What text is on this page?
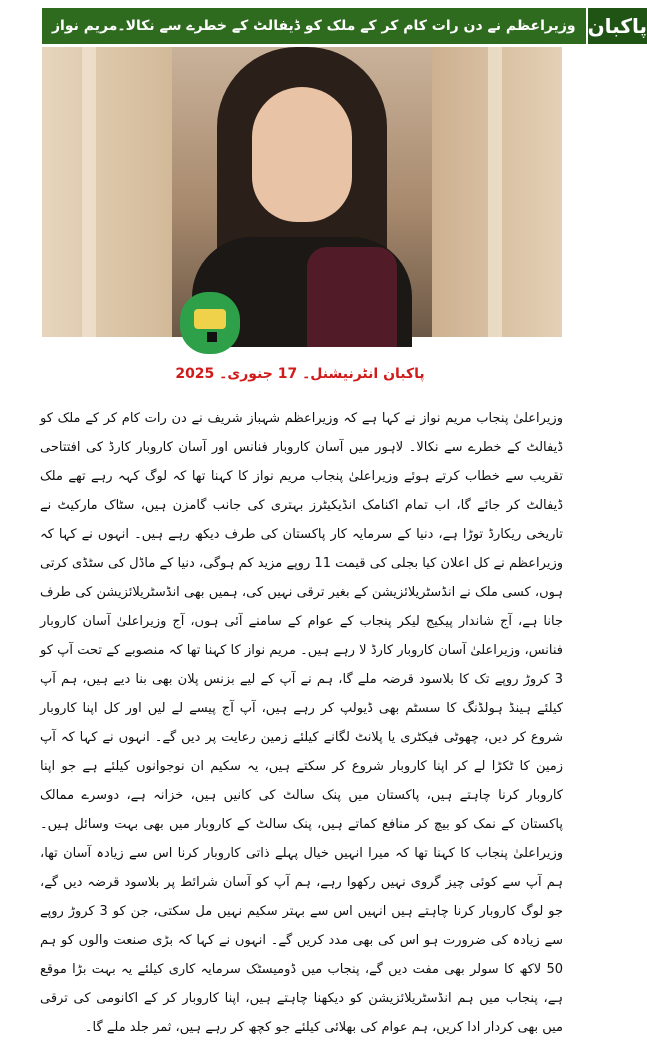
وزیراعظم نے دن رات کام کر کے ملک کو ڈیفالٹ کے خطرے سے نکالا۔مریم نواز پاکبان
پاکبان انٹرنیشنل۔ 17 جنوری۔ 2025
وزیراعلیٰ پنجاب مریم نواز نے کہا ہے کہ وزیراعظم شہباز شریف نے دن رات کام کر کے ملک کو ڈیفالٹ کے خطرے سے نکالا۔ لاہور میں آسان کاروبار فنانس اور آسان کاروبار کارڈ کی افتتاحی تقریب سے خطاب کرتے ہوئے وزیراعلیٰ پنجاب مریم نواز کا کہنا تھا کہ لوگ کہہ رہے تھے ملک ڈیفالٹ کر جائے گا، اب تمام اکنامک انڈیکیٹرز بہتری کی جانب گامزن ہیں، سٹاک مارکیٹ نے تاریخی ریکارڈ توڑا ہے، دنیا کے سرمایہ کار پاکستان کی طرف دیکھ رہے ہیں۔ انہوں نے کہا کہ وزیراعظم نے کل اعلان کیا بجلی کی قیمت 11 روپے مزید کم ہوگی، دنیا کے ماڈل کی سٹڈی کرتی ہوں، کسی ملک نے انڈسٹریلائزیشن کے بغیر ترقی نہیں کی، ہمیں بھی انڈسٹریلائزیشن کی طرف جانا ہے، آج شاندار پیکیج لیکر پنجاب کے عوام کے سامنے آئی ہوں، آج وزیراعلیٰ آسان کاروبار فنانس، وزیراعلیٰ آسان کاروبار کارڈ لا رہے ہیں۔ مریم نواز کا کہنا تھا کہ منصوبے کے تحت آپ کو 3 کروڑ روپے تک کا بلاسود قرضہ ملے گا، ہم نے آپ کے لیے بزنس پلان بھی بنا دیے ہیں، ہم آپ کیلئے ہینڈ ہولڈنگ کا سسٹم بھی ڈیولپ کر رہے ہیں، آپ آج پیسے لے لیں اور کل اپنا کاروبار شروع کر دیں، چھوٹی فیکٹری یا پلانٹ لگانے کیلئے زمین رعایت پر دیں گے۔ انہوں نے کہا کہ آپ زمین کا ٹکڑا لے کر اپنا کاروبار شروع کر سکتے ہیں، یہ سکیم ان نوجوانوں کیلئے ہے جو اپنا کاروبار کرنا چاہتے ہیں، پاکستان میں پنک سالٹ کی کانیں ہیں، خزانہ ہے، دوسرے ممالک پاکستان کے نمک کو بیچ کر منافع کماتے ہیں، پنک سالٹ کے کاروبار میں بھی بہت وسائل ہیں۔ وزیراعلیٰ پنجاب کا کہنا تھا کہ میرا انہیں خیال پہلے ذاتی کاروبار کرنا اس سے زیادہ آسان تھا، ہم آپ سے کوئی چیز گروی نہیں رکھوا رہے، ہم آپ کو آسان شرائط پر بلاسود قرضہ دیں گے، جو لوگ کاروبار کرنا چاہتے ہیں انہیں اس سے بہتر سکیم نہیں مل سکتی، جن کو 3 کروڑ روپے سے زیادہ کی ضرورت ہو اس کی بھی مدد کریں گے۔ انہوں نے کہا کہ بڑی صنعت والوں کو ہم 50 لاکھ کا سولر بھی مفت دیں گے، پنجاب میں ڈومیسٹک سرمایہ کاری کیلئے یہ بہت بڑا موقع ہے، پنجاب میں ہم انڈسٹریلائزیشن کو دیکھنا چاہتے ہیں، اپنا کاروبار کر کے اکانومی کی ترقی میں بھی کردار ادا کریں، ہم عوام کی بھلائی کیلئے جو کچھ کر رہے ہیں، ثمر جلد ملے گا۔
